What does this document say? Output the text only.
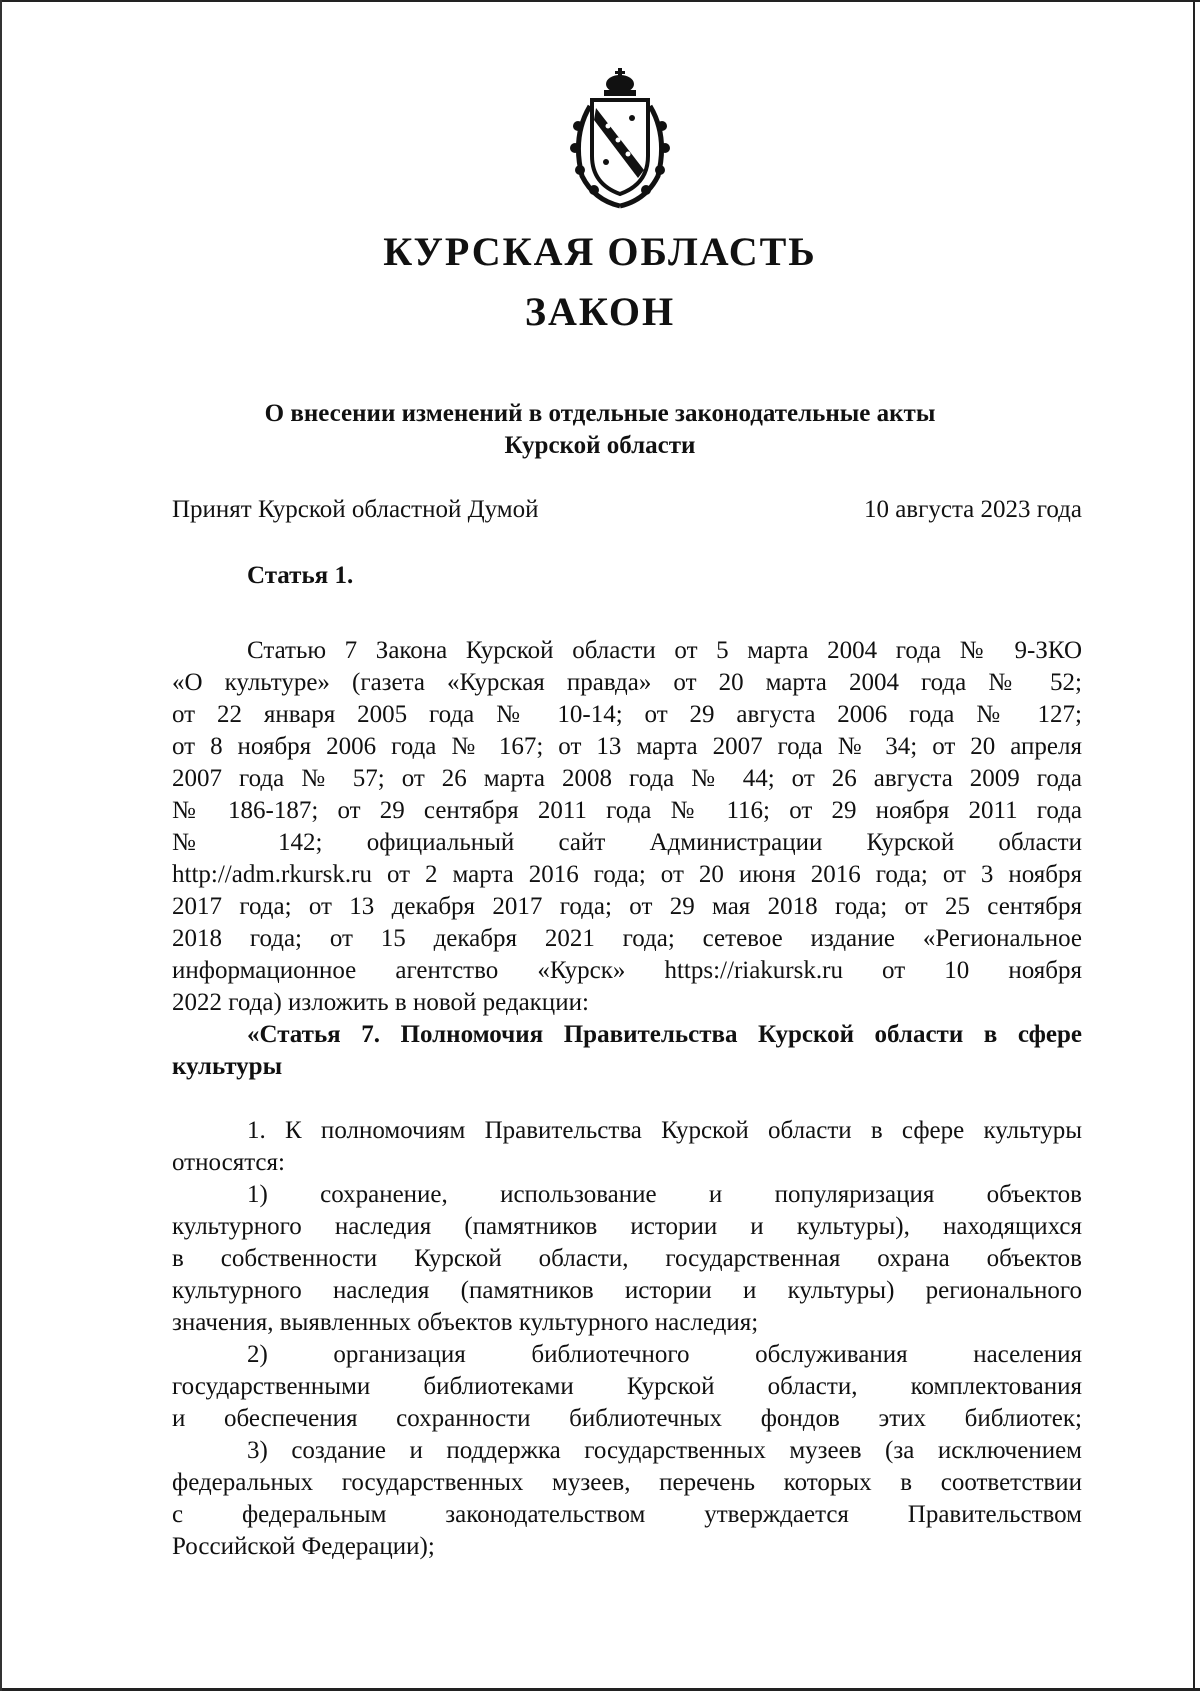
КУРСКАЯ ОБЛАСТЬ
ЗАКОН
О внесении изменений в отдельные законодательные акты
Курской области
Принят Курской областной Думой	10 августа 2023 года
Статья 1.
Статью 7 Закона Курской области от 5 марта 2004 года № 9-ЗКО
«О культуре» (газета «Курская правда» от 20 марта 2004 года № 52;
от 22 января 2005 года № 10-14; от 29 августа 2006 года № 127;
от 8 ноября 2006 года № 167; от 13 марта 2007 года № 34; от 20 апреля
2007 года № 57; от 26 марта 2008 года № 44; от 26 августа 2009 года
№ 186-187; от 29 сентября 2011 года № 116; от 29 ноября 2011 года
№ 142; официальный сайт Администрации Курской области
http://adm.rkursk.ru от 2 марта 2016 года; от 20 июня 2016 года; от 3 ноября
2017 года; от 13 декабря 2017 года; от 29 мая 2018 года; от 25 сентября
2018 года; от 15 декабря 2021 года; сетевое издание «Региональное
информационное агентство «Курск» https://riakursk.ru от 10 ноября
2022 года) изложить в новой редакции:
«Статья 7. Полномочия Правительства Курской области в сфере
культуры
1. К полномочиям Правительства Курской области в сфере культуры
относятся:
1) сохранение, использование и популяризация объектов
культурного наследия (памятников истории и культуры), находящихся
в собственности Курской области, государственная охрана объектов
культурного наследия (памятников истории и культуры) регионального
значения, выявленных объектов культурного наследия;
2) организация библиотечного обслуживания населения
государственными библиотеками Курской области, комплектования
и обеспечения сохранности библиотечных фондов этих библиотек;
3) создание и поддержка государственных музеев (за исключением
федеральных государственных музеев, перечень которых в соответствии
с федеральным законодательством утверждается Правительством
Российской Федерации);
